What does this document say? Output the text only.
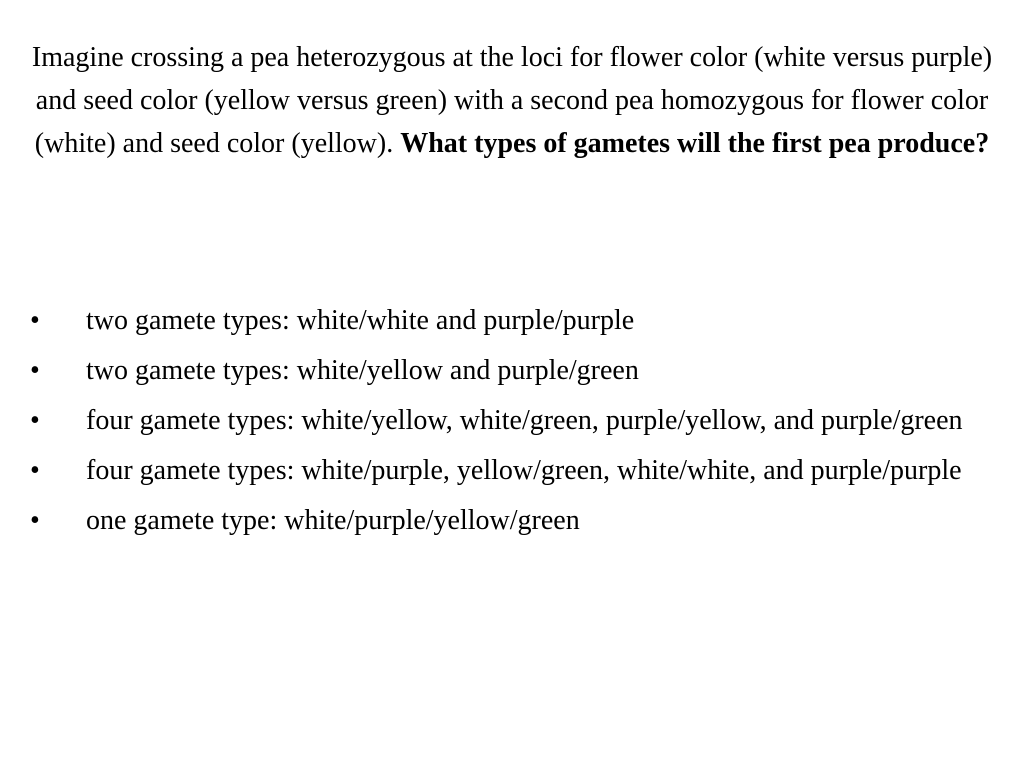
Imagine crossing a pea heterozygous at the loci for flower color (white versus purple) and seed color (yellow versus green) with a second pea homozygous for flower color (white) and seed color (yellow). What types of gametes will the first pea produce?
•	two gamete types: white/white and purple/purple
•	two gamete types: white/yellow and purple/green
•	four gamete types: white/yellow, white/green, purple/yellow, and purple/green
•	four gamete types: white/purple, yellow/green, white/white, and purple/purple
•	one gamete type: white/purple/yellow/green
